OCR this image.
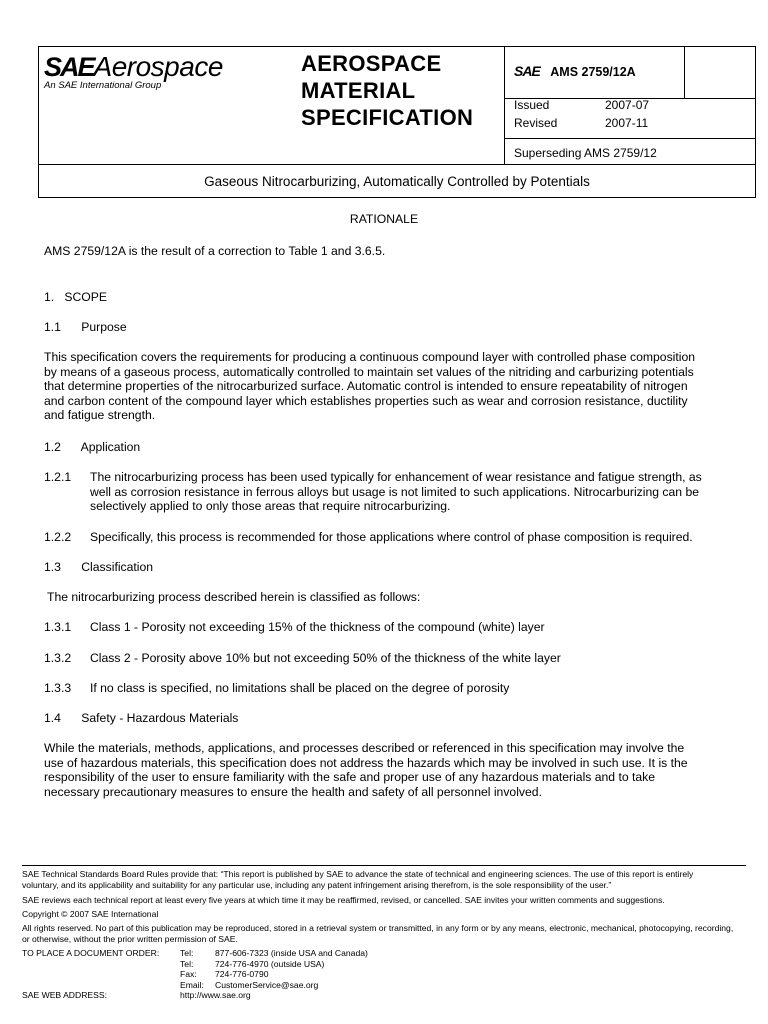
SAEAerospace
An SAE International Group
AEROSPACE
MATERIAL
SPECIFICATION
SAE AMS 2759/12A
Issued	2007-07
Revised	2007-11
Superseding AMS 2759/12
Gaseous Nitrocarburizing, Automatically Controlled by Potentials
RATIONALE
AMS 2759/12A is the result of a correction to Table 1 and 3.6.5.
1.   SCOPE
1.1      Purpose
This specification covers the requirements for producing a continuous compound layer with controlled phase composition
by means of a gaseous process, automatically controlled to maintain set values of the nitriding and carburizing potentials
that determine properties of the nitrocarburized surface. Automatic control is intended to ensure repeatability of nitrogen
and carbon content of the compound layer which establishes properties such as wear and corrosion resistance, ductility
and fatigue strength.
1.2      Application
1.2.1 The nitrocarburizing process has been used typically for enhancement of wear resistance and fatigue strength, as
well as corrosion resistance in ferrous alloys but usage is not limited to such applications. Nitrocarburizing can be
selectively applied to only those areas that require nitrocarburizing.
1.2.2 Specifically, this process is recommended for those applications where control of phase composition is required.
1.3      Classification
The nitrocarburizing process described herein is classified as follows:
1.3.1 Class 1 - Porosity not exceeding 15% of the thickness of the compound (white) layer
1.3.2 Class 2 - Porosity above 10% but not exceeding 50% of the thickness of the white layer
1.3.3 If no class is specified, no limitations shall be placed on the degree of porosity
1.4      Safety - Hazardous Materials
While the materials, methods, applications, and processes described or referenced in this specification may involve the
use of hazardous materials, this specification does not address the hazards which may be involved in such use. It is the
responsibility of the user to ensure familiarity with the safe and proper use of any hazardous materials and to take
necessary precautionary measures to ensure the health and safety of all personnel involved.
SAE Technical Standards Board Rules provide that: “This report is published by SAE to advance the state of technical and engineering sciences. The use of this report is entirely
voluntary, and its applicability and suitability for any particular use, including any patent infringement arising therefrom, is the sole responsibility of the user.”
SAE reviews each technical report at least every five years at which time it may be reaffirmed, revised, or cancelled. SAE invites your written comments and suggestions.
Copyright © 2007 SAE International
All rights reserved. No part of this publication may be reproduced, stored in a retrieval system or transmitted, in any form or by any means, electronic, mechanical, photocopying, recording,
or otherwise, without the prior written permission of SAE.
TO PLACE A DOCUMENT ORDER: Tel:	877-606-7323 (inside USA and Canada)
Tel:	724-776-4970 (outside USA)
Fax: 724-776-0790
Email: CustomerService@sae.org
SAE WEB ADDRESS:	http://www.sae.org
